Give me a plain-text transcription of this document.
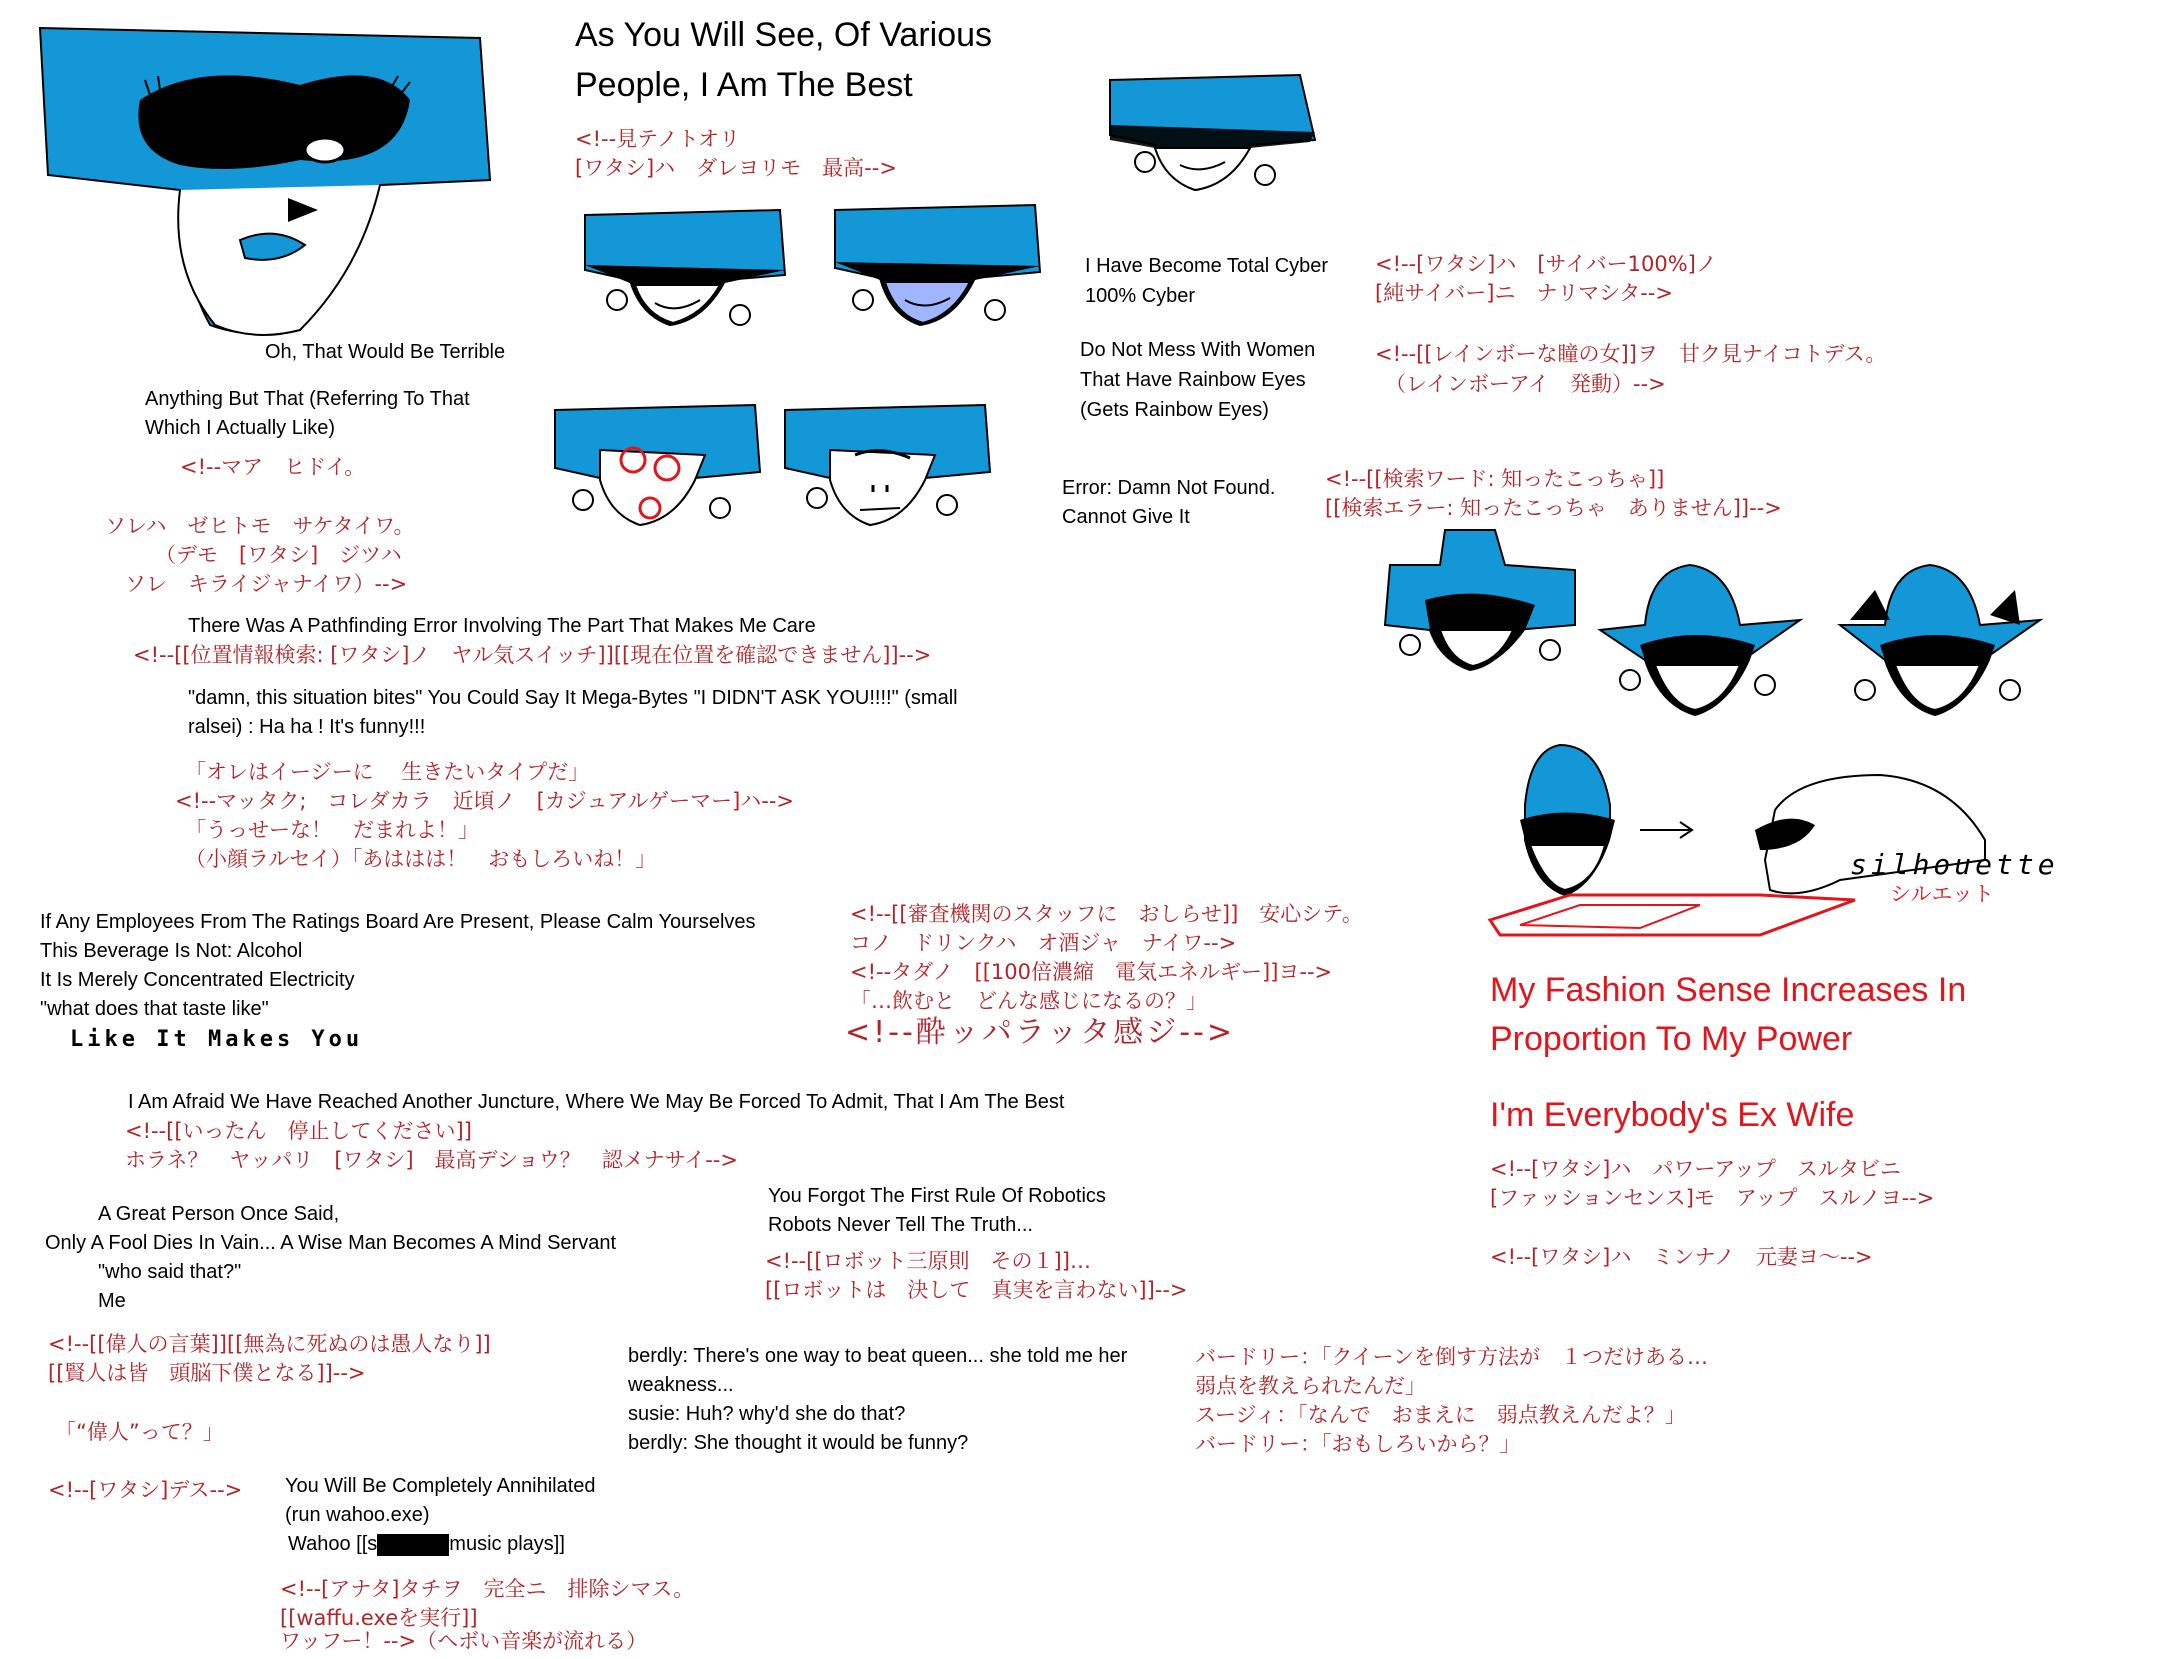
As You Will See, Of Various
People, I Am The Best
<!--見テノトオリ
[ワタシ]ハ　ダレヨリモ　最高-->
I Have Become Total Cyber
100% Cyber
<!--[ワタシ]ハ　[サイバー100%]ノ
[純サイバー]ニ　ナリマシタ-->
Do Not Mess With Women
That Have Rainbow Eyes
(Gets Rainbow Eyes)
<!--[[レインボーな瞳の女]]ヲ　甘ク見ナイコトデス。
（レインボーアイ　発動）-->
Oh, That Would Be Terrible
Anything But That (Referring To That
Which I Actually Like)
<!--マア　ヒドイ。
ソレハ　ゼヒトモ　サケタイワ。
（デモ　[ワタシ]　ジツハ
ソレ　キライジャナイワ）-->
Error: Damn Not Found.
Cannot Give It
<!--[[検索ワード: 知ったこっちゃ]]
[[検索エラー: 知ったこっちゃ　ありません]]-->
There Was A Pathfinding Error Involving The Part That Makes Me Care
<!--[[位置情報検索: [ワタシ]ノ　ヤル気スイッチ]][[現在位置を確認できません]]-->
"damn, this situation bites" You Could Say It Mega-Bytes "I DIDN'T ASK YOU!!!!" (small
ralsei) : Ha ha ! It's funny!!!
「オレはイージーに　 生きたいタイプだ」
<!--マッタク;　コレダカラ　近頃ノ　[カジュアルゲーマー]ハ-->
「うっせーな！　だまれよ！」
（小顔ラルセイ）「あははは！　おもしろいね！」	silhouette
シルエット
If Any Employees From The Ratings Board Are Present, Please Calm Yourselves
This Beverage Is Not: Alcohol
It Is Merely Concentrated Electricity
"what does that taste like"
Like It Makes You
<!--[[審査機関のスタッフに　おしらせ]]　安心シテ。
コノ　ドリンクハ　オ酒ジャ　ナイワ-->
<!--タダノ　[[100倍濃縮　電気エネルギー]]ヨ-->
「…飲むと　どんな感じになるの？」
<!--酔ッパラッタ感ジ-->
My Fashion Sense Increases In
Proportion To My Power
I'm Everybody's Ex Wife
<!--[ワタシ]ハ　パワーアップ　スルタビニ
[ファッションセンス]モ　アップ　スルノヨ-->
<!--[ワタシ]ハ　ミンナノ　元妻ヨ〜-->
I Am Afraid We Have Reached Another Juncture, Where We May Be Forced To Admit, That I Am The Best
<!--[[いったん　停止してください]]
ホラネ？　ヤッパリ　[ワタシ]　最高デショウ？　認メナサイ-->
You Forgot The First Rule Of Robotics
Robots Never Tell The Truth...
<!--[[ロボット三原則　その１]]…
[[ロボットは　決して　真実を言わない]]-->
A Great Person Once Said,
Only A Fool Dies In Vain... A Wise Man Becomes A Mind Servant
"who said that?"
Me
<!--[[偉人の言葉]][[無為に死ぬのは愚人なり]]
[[賢人は皆　頭脳下僕となる]]-->
「“偉人”って？」
<!--[ワタシ]デス-->
berdly: There's one way to beat queen... she told me her
weakness...
susie: Huh? why'd she do that?
berdly: She thought it would be funny?
バードリー：「クイーンを倒す方法が　１つだけある…
弱点を教えられたんだ」
スージィ：「なんで　おまえに　弱点教えんだよ？」
バードリー：「おもしろいから？」
You Will Be Completely Annihilated
(run wahoo.exe)
Wahoo [[s	music plays]]
<!--[アナタ]タチヲ　完全ニ　排除シマス。
[[waffu.exeを実行]]
ワッフー！-->（ヘボい音楽が流れる）
